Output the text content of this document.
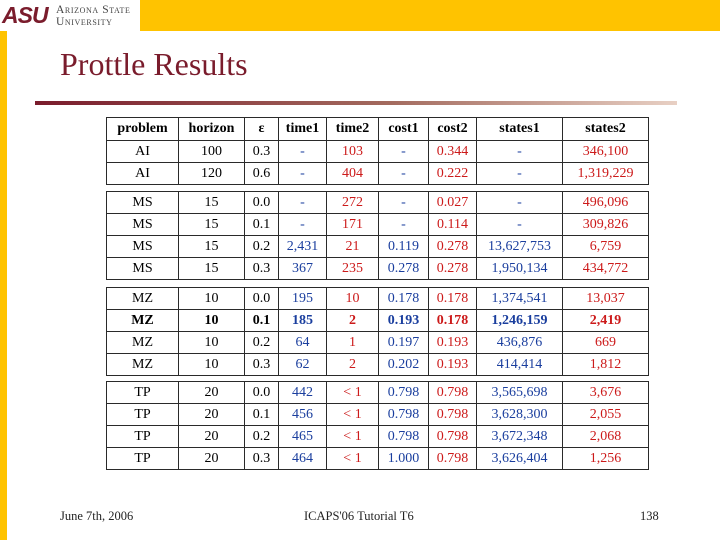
ASU Arizona State
University
Prottle Results
problem	horizon	ε	time1	time2	cost1	cost2	states1	states2
AI	100	0.3	-	103	-	0.344	-	346,100
AI	120	0.6	-	404	-	0.222	-	1,319,229
MS	15	0.0	-	272	-	0.027	-	496,096
MS	15	0.1	-	171	-	0.114	-	309,826
MS	15	0.2	2,431	21	0.119	0.278	13,627,753	6,759
MS	15	0.3	367	235	0.278	0.278	1,950,134	434,772
MZ	10	0.0	195	10	0.178	0.178	1,374,541	13,037
MZ	10	0.1	185	2	0.193	0.178	1,246,159	2,419
MZ	10	0.2	64	1	0.197	0.193	436,876	669
MZ	10	0.3	62	2	0.202	0.193	414,414	1,812
TP	20	0.0	442	< 1	0.798	0.798	3,565,698	3,676
TP	20	0.1	456	< 1	0.798	0.798	3,628,300	2,055
TP	20	0.2	465	< 1	0.798	0.798	3,672,348	2,068
TP	20	0.3	464	< 1	1.000	0.798	3,626,404	1,256
June 7th, 2006	ICAPS'06 Tutorial T6	138
